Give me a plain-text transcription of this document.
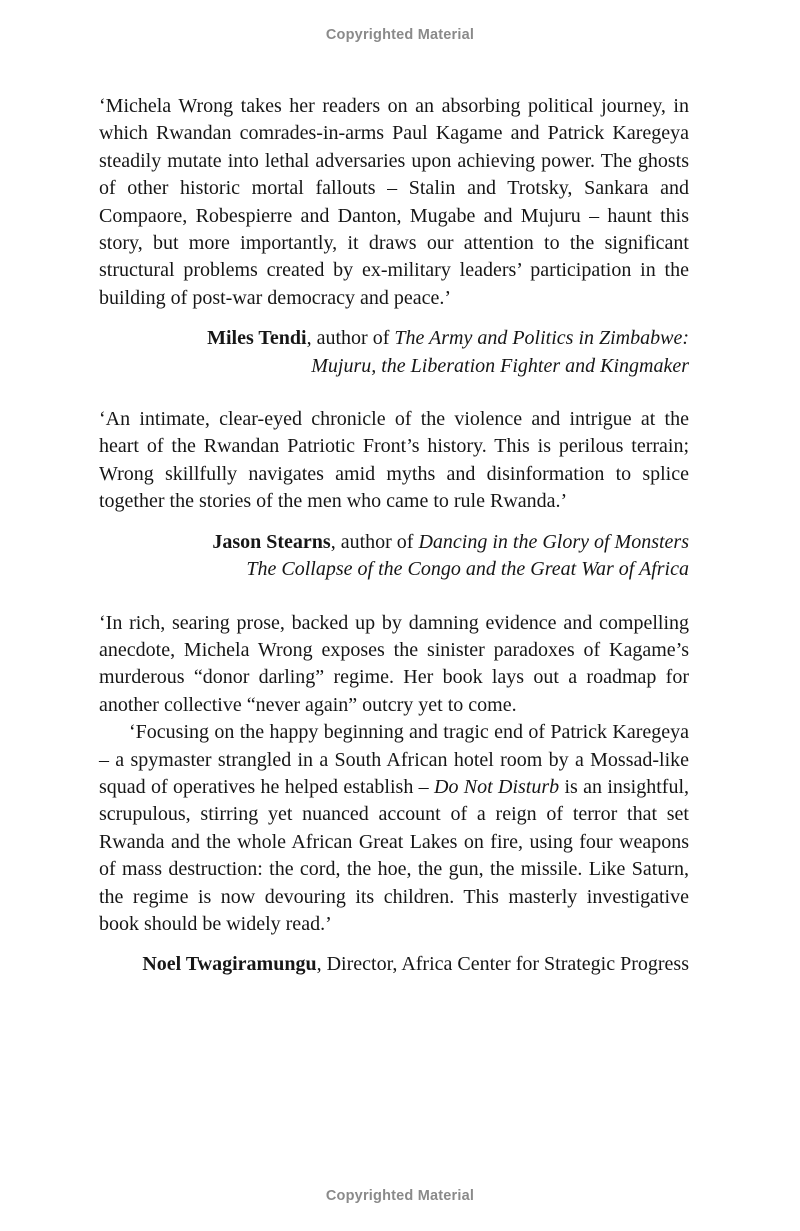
Copyrighted Material

‘Michela Wrong takes her readers on an absorbing political journey, in which Rwandan comrades-in-arms Paul Kagame and Patrick Karegeya steadily mutate into lethal adversaries upon achieving power. The ghosts of other historic mortal fallouts – Stalin and Trotsky, Sankara and Compaore, Robespierre and Danton, Mugabe and Mujuru – haunt this story, but more importantly, it draws our attention to the significant structural problems created by ex-military leaders’ participation in the building of post-war democracy and peace.’

Miles Tendi, author of The Army and Politics in Zimbabwe:
Mujuru, the Liberation Fighter and Kingmaker

‘An intimate, clear-eyed chronicle of the violence and intrigue at the heart of the Rwandan Patriotic Front’s history. This is perilous terrain; Wrong skillfully navigates amid myths and disinformation to splice together the stories of the men who came to rule Rwanda.’

Jason Stearns, author of Dancing in the Glory of Monsters
The Collapse of the Congo and the Great War of Africa

‘In rich, searing prose, backed up by damning evidence and compelling anecdote, Michela Wrong exposes the sinister paradoxes of Kagame’s murderous “donor darling” regime. Her book lays out a roadmap for another collective “never again” outcry yet to come.

‘Focusing on the happy beginning and tragic end of Patrick Karegeya – a spymaster strangled in a South African hotel room by a Mossad-like squad of operatives he helped establish – Do Not Disturb is an insightful, scrupulous, stirring yet nuanced account of a reign of terror that set Rwanda and the whole African Great Lakes on fire, using four weapons of mass destruction: the cord, the hoe, the gun, the missile. Like Saturn, the regime is now devouring its children. This masterly investigative book should be widely read.’

Noel Twagiramungu, Director, Africa Center for Strategic Progress
Copyrighted Material
